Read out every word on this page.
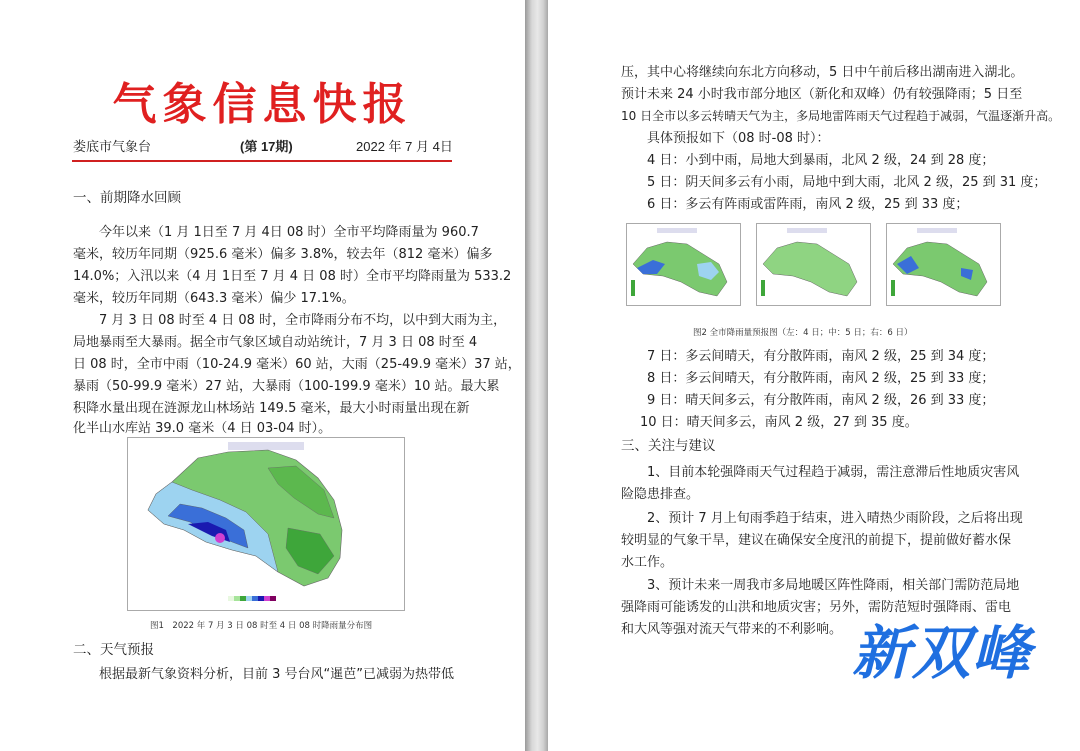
气象信息快报
娄底市气象台	(第 17期)	2022 年 7 月 4日
一、前期降水回顾
今年以来（1 月 1日至 7 月 4日 08 时）全市平均降雨量为 960.7
毫米，较历年同期（925.6 毫米）偏多 3.8%，较去年（812 毫米）偏多
14.0%；入汛以来（4 月 1日至 7 月 4 日 08 时）全市平均降雨量为 533.2
毫米，较历年同期（643.3 毫米）偏少 17.1%。
7 月 3 日 08 时至 4 日 08 时，全市降雨分布不均，以中到大雨为主，
局地暴雨至大暴雨。据全市气象区域自动站统计，7 月 3 日 08 时至 4
日 08 时，全市中雨（10-24.9 毫米）60 站，大雨（25-49.9 毫米）37 站，
暴雨（50-99.9 毫米）27 站，大暴雨（100-199.9 毫米）10 站。最大累
积降水量出现在涟源龙山林场站 149.5 毫米，最大小时雨量出现在新
化半山水库站 39.0 毫米（4 日 03-04 时）。
图1　2022 年 7 月 3 日 08 时至 4 日 08 时降雨量分布图
二、天气预报
根据最新气象资料分析，目前 3 号台风“暹芭”已减弱为热带低
压，其中心将继续向东北方向移动，5 日中午前后移出湖南进入湖北。
预计未来 24 小时我市部分地区（新化和双峰）仍有较强降雨；5 日至
10 日全市以多云转晴天气为主，多局地雷阵雨天气过程趋于减弱，气温逐渐升高。
具体预报如下（08 时-08 时）：
4 日：小到中雨，局地大到暴雨，北风 2 级，24 到 28 度；
5 日：阴天间多云有小雨，局地中到大雨，北风 2 级，25 到 31 度；
6 日：多云有阵雨或雷阵雨，南风 2 级，25 到 33 度；
图2 全市降雨量预报图（左：4 日；中：5 日；右：6 日）
7 日：多云间晴天，有分散阵雨，南风 2 级，25 到 34 度；
8 日：多云间晴天，有分散阵雨，南风 2 级，25 到 33 度；
9 日：晴天间多云，有分散阵雨，南风 2 级，26 到 33 度；
10 日：晴天间多云，南风 2 级，27 到 35 度。
三、关注与建议
1、目前本轮强降雨天气过程趋于减弱，需注意滞后性地质灾害风
险隐患排查。
2、预计 7 月上旬雨季趋于结束，进入晴热少雨阶段，之后将出现
较明显的气象干旱，建议在确保安全度汛的前提下，提前做好蓄水保
水工作。
3、预计未来一周我市多局地暖区阵性降雨，相关部门需防范局地
强降雨可能诱发的山洪和地质灾害；另外，需防范短时强降雨、雷电
和大风等强对流天气带来的不利影响。 新双峰
